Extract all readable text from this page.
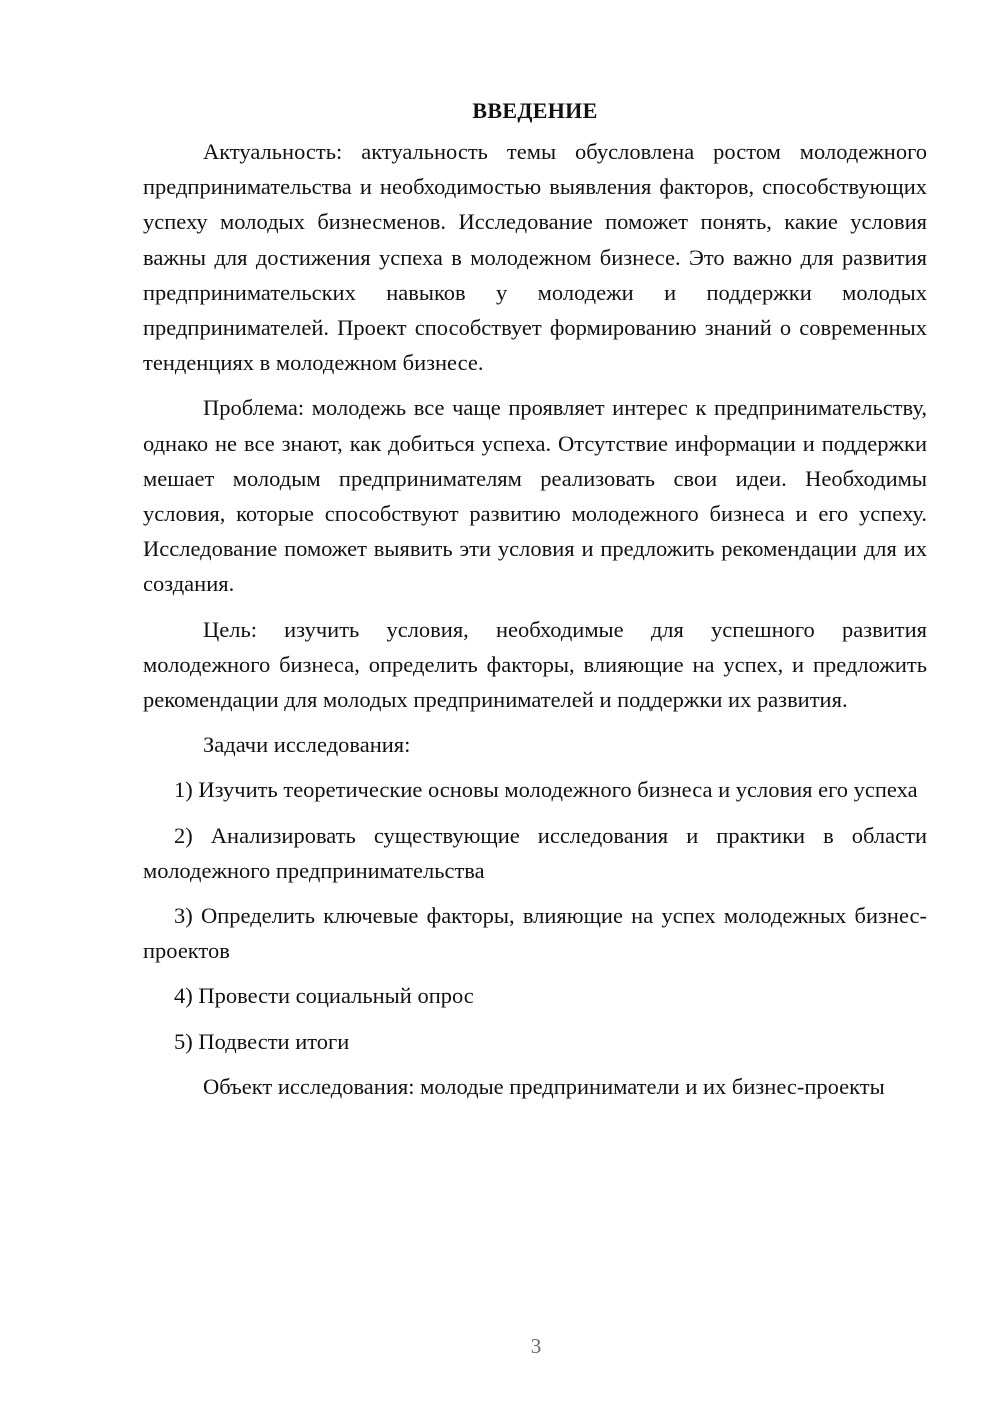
ВВЕДЕНИЕ

Актуальность: актуальность темы обусловлена ростом молодежного предпринимательства и необходимостью выявления факторов, способствующих успеху молодых бизнесменов. Исследование поможет понять, какие условия важны для достижения успеха в молодежном бизнесе. Это важно для развития предпринимательских навыков у молодежи и поддержки молодых предпринимателей. Проект способствует формированию знаний о современных тенденциях в молодежном бизнесе.

Проблема: молодежь все чаще проявляет интерес к предпринимательству, однако не все знают, как добиться успеха. Отсутствие информации и поддержки мешает молодым предпринимателям реализовать свои идеи. Необходимы условия, которые способствуют развитию молодежного бизнеса и его успеху. Исследование поможет выявить эти условия и предложить рекомендации для их создания.

Цель: изучить условия, необходимые для успешного развития молодежного бизнеса, определить факторы, влияющие на успех, и предложить рекомендации для молодых предпринимателей и поддержки их развития.

Задачи исследования:

1) Изучить теоретические основы молодежного бизнеса и условия его успеха

2) Анализировать существующие исследования и практики в области молодежного предпринимательства

3) Определить ключевые факторы, влияющие на успех молодежных бизнес-проектов

4) Провести социальный опрос

5) Подвести итоги

Объект исследования: молодые предприниматели и их бизнес-проекты

3
